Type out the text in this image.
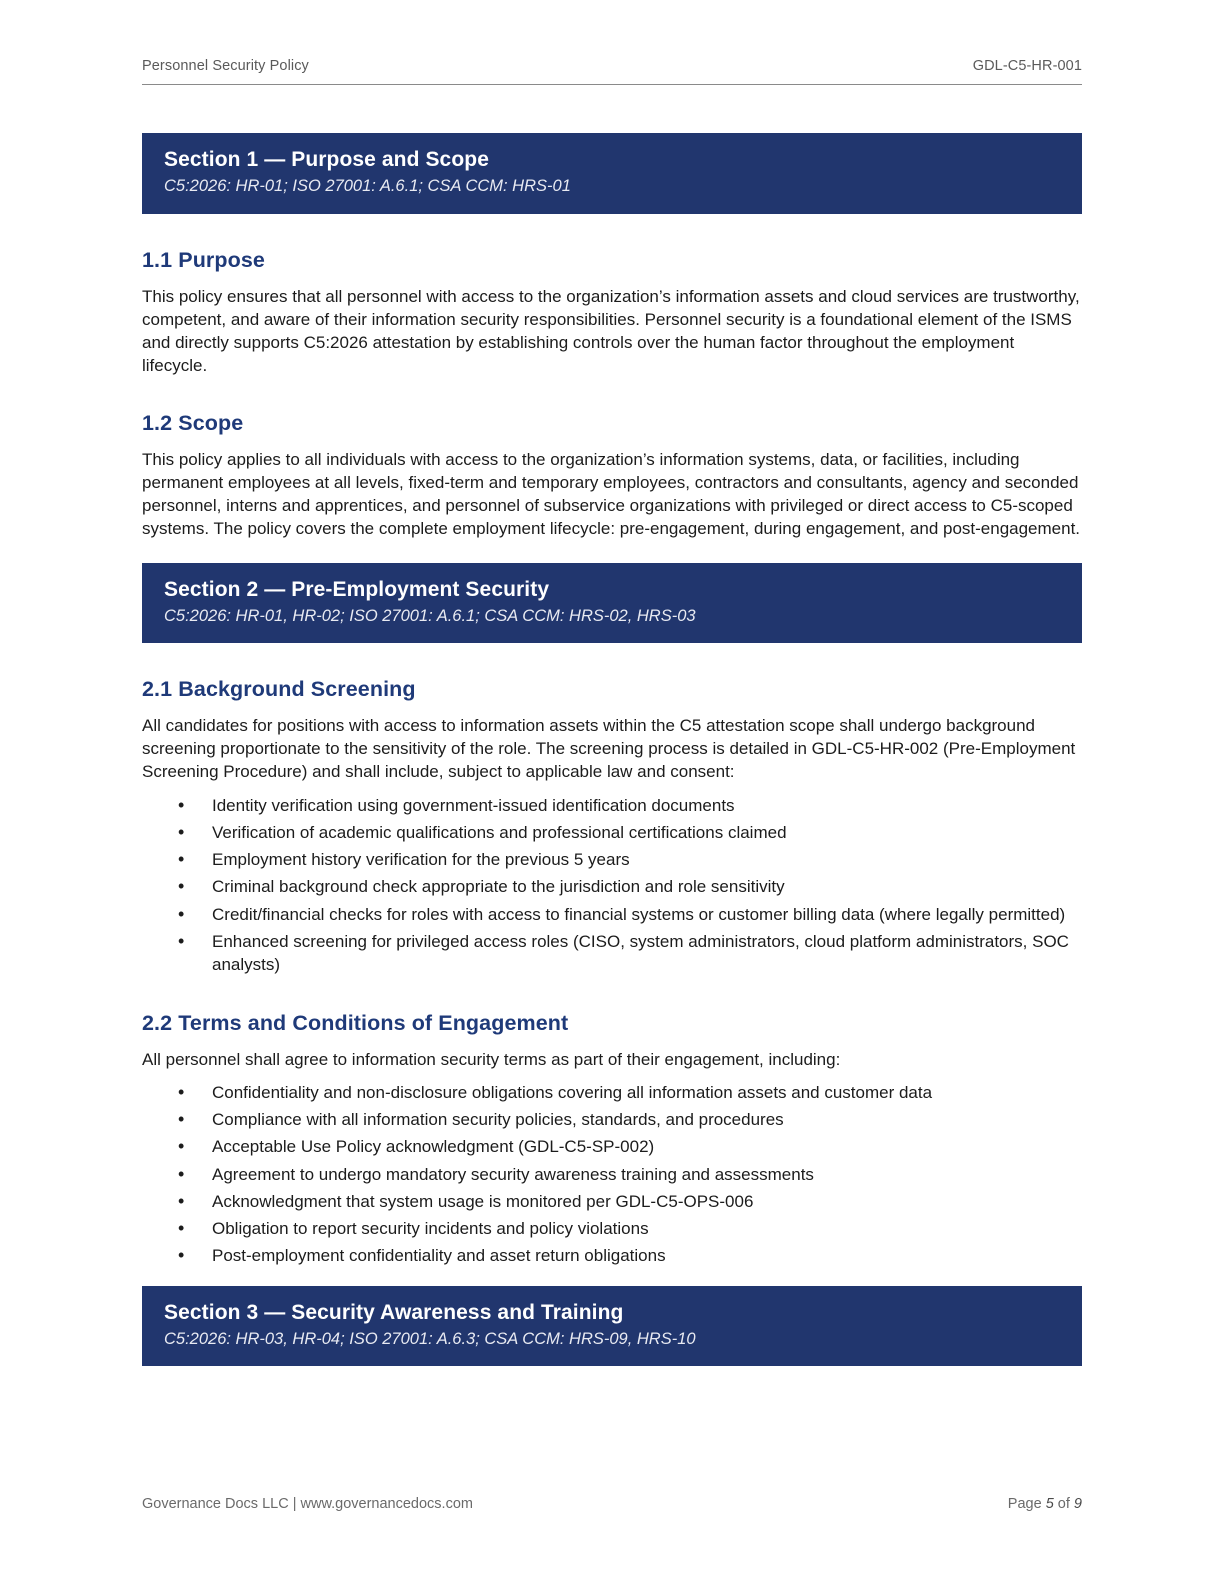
Personnel Security Policy	GDL-C5-HR-001
Section 1 — Purpose and Scope
C5:2026: HR-01; ISO 27001: A.6.1; CSA CCM: HRS-01
1.1 Purpose

This policy ensures that all personnel with access to the organization’s information assets and cloud services are trustworthy, competent, and aware of their information security responsibilities. Personnel security is a foundational element of the ISMS and directly supports C5:2026 attestation by establishing controls over the human factor throughout the employment lifecycle.

1.2 Scope

This policy applies to all individuals with access to the organization’s information systems, data, or facilities, including permanent employees at all levels, fixed-term and temporary employees, contractors and consultants, agency and seconded personnel, interns and apprentices, and personnel of subservice organizations with privileged or direct access to C5-scoped systems. The policy covers the complete employment lifecycle: pre-engagement, during engagement, and post-engagement.

Section 2 — Pre-Employment Security
C5:2026: HR-01, HR-02; ISO 27001: A.6.1; CSA CCM: HRS-02, HRS-03
2.1 Background Screening

All candidates for positions with access to information assets within the C5 attestation scope shall undergo background screening proportionate to the sensitivity of the role. The screening process is detailed in GDL-C5-HR-002 (Pre-Employment Screening Procedure) and shall include, subject to applicable law and consent:

• Identity verification using government-issued identification documents
• Verification of academic qualifications and professional certifications claimed
• Employment history verification for the previous 5 years
• Criminal background check appropriate to the jurisdiction and role sensitivity
• Credit/financial checks for roles with access to financial systems or customer billing data (where legally permitted)
• Enhanced screening for privileged access roles (CISO, system administrators, cloud platform administrators, SOC analysts)
2.2 Terms and Conditions of Engagement

All personnel shall agree to information security terms as part of their engagement, including:

• Confidentiality and non-disclosure obligations covering all information assets and customer data
• Compliance with all information security policies, standards, and procedures
• Acceptable Use Policy acknowledgment (GDL-C5-SP-002)
• Agreement to undergo mandatory security awareness training and assessments
• Acknowledgment that system usage is monitored per GDL-C5-OPS-006
• Obligation to report security incidents and policy violations
• Post-employment confidentiality and asset return obligations
Section 3 — Security Awareness and Training
C5:2026: HR-03, HR-04; ISO 27001: A.6.3; CSA CCM: HRS-09, HRS-10
Governance Docs LLC | www.governancedocs.com	Page 5 of 9
